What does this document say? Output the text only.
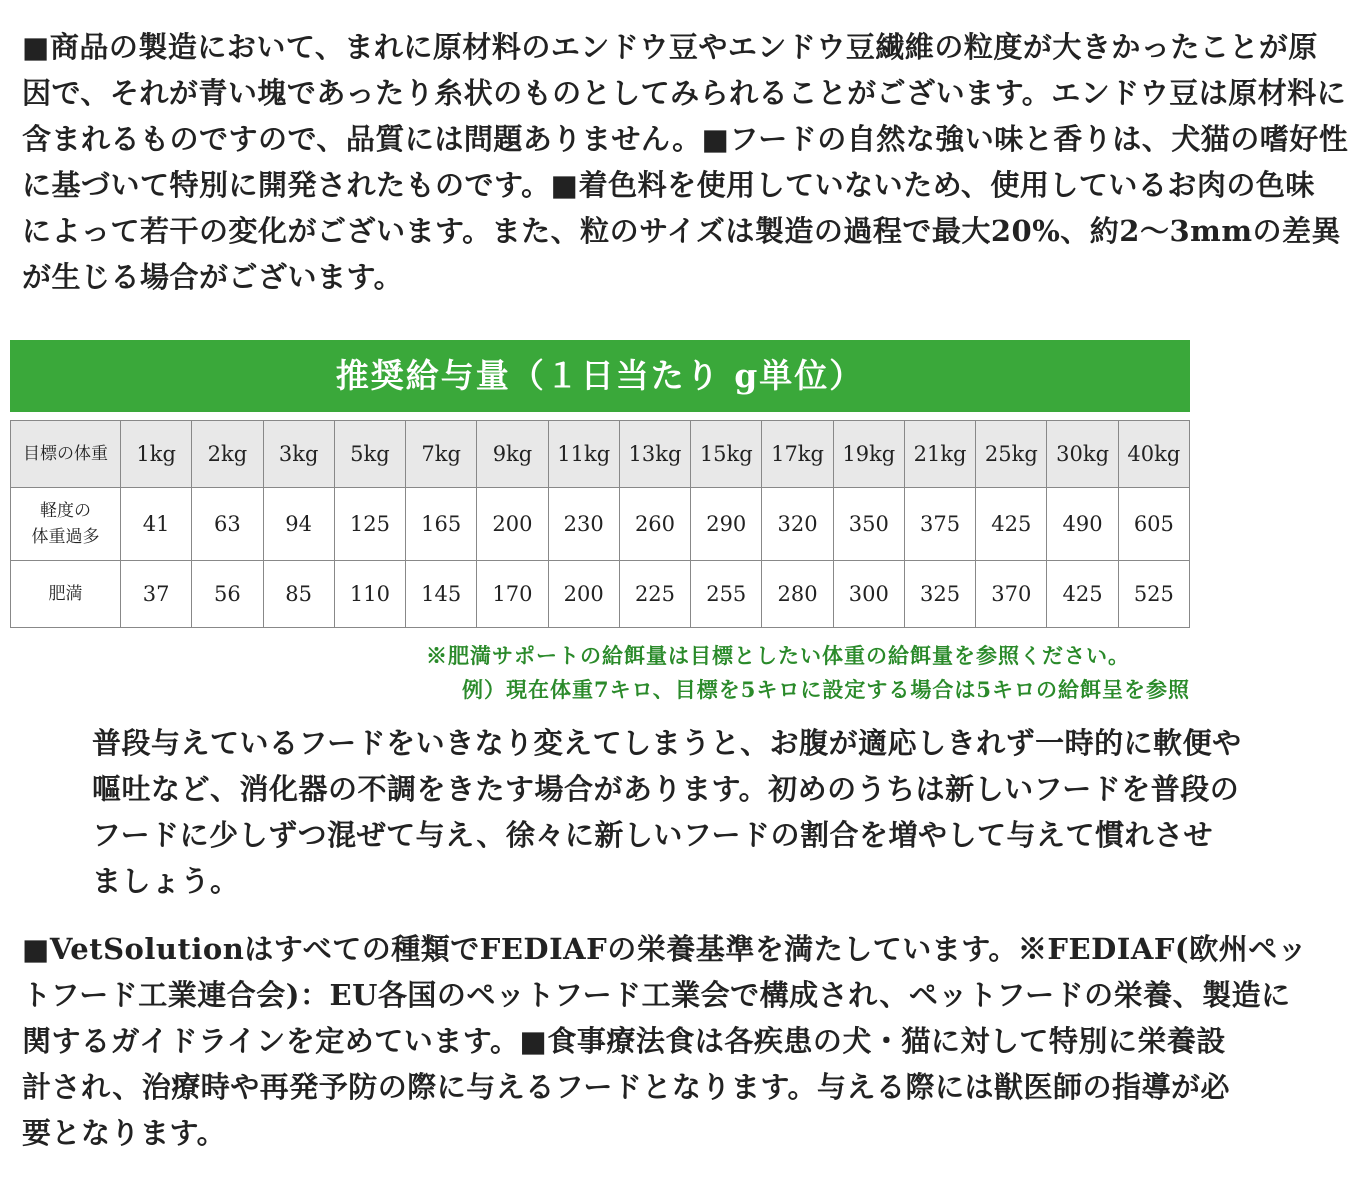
■商品の製造において、まれに原材料のエンドウ豆やエンドウ豆繊維の粒度が大きかったことが原

因で、それが青い塊であったり糸状のものとしてみられることがございます。エンドウ豆は原材料に

含まれるものですので、品質には問題ありません。■フードの自然な強い味と香りは、犬猫の嗜好性

に基づいて特別に開発されたものです。■着色料を使用していないため、使用しているお肉の色味

によって若干の変化がございます。また、粒のサイズは製造の過程で最大20%、約2〜3mmの差異

が生じる場合がございます。

推奨給与量（１日当たり g単位）
目標の体重	1kg	2kg	3kg	5kg	7kg	9kg	11kg	13kg	15kg	17kg	19kg	21kg	25kg	30kg	40kg
軽度の
体重過多	41	63	94	125	165	200	230	260	290	320	350	375	425	490	605
肥満	37	56	85	110	145	170	200	225	255	280	300	325	370	425	525
※肥満サポートの給餌量は目標としたい体重の給餌量を参照ください。
例）現在体重7キロ、目標を5キロに設定する場合は5キロの給餌呈を参照

普段与えているフードをいきなり変えてしまうと、お腹が適応しきれず一時的に軟便や

嘔吐など、消化器の不調をきたす場合があります。初めのうちは新しいフードを普段の

フードに少しずつ混ぜて与え、徐々に新しいフードの割合を増やして与えて慣れさせ

ましょう。

■VetSolutionはすべての種類でFEDIAFの栄養基準を満たしています。※FEDIAF(欧州ペッ

トフード工業連合会)：EU各国のペットフード工業会で構成され、ペットフードの栄養、製造に

関するガイドラインを定めています。■食事療法食は各疾患の犬・猫に対して特別に栄養設

計され、治療時や再発予防の際に与えるフードとなります。与える際には獣医師の指導が必

要となります。
